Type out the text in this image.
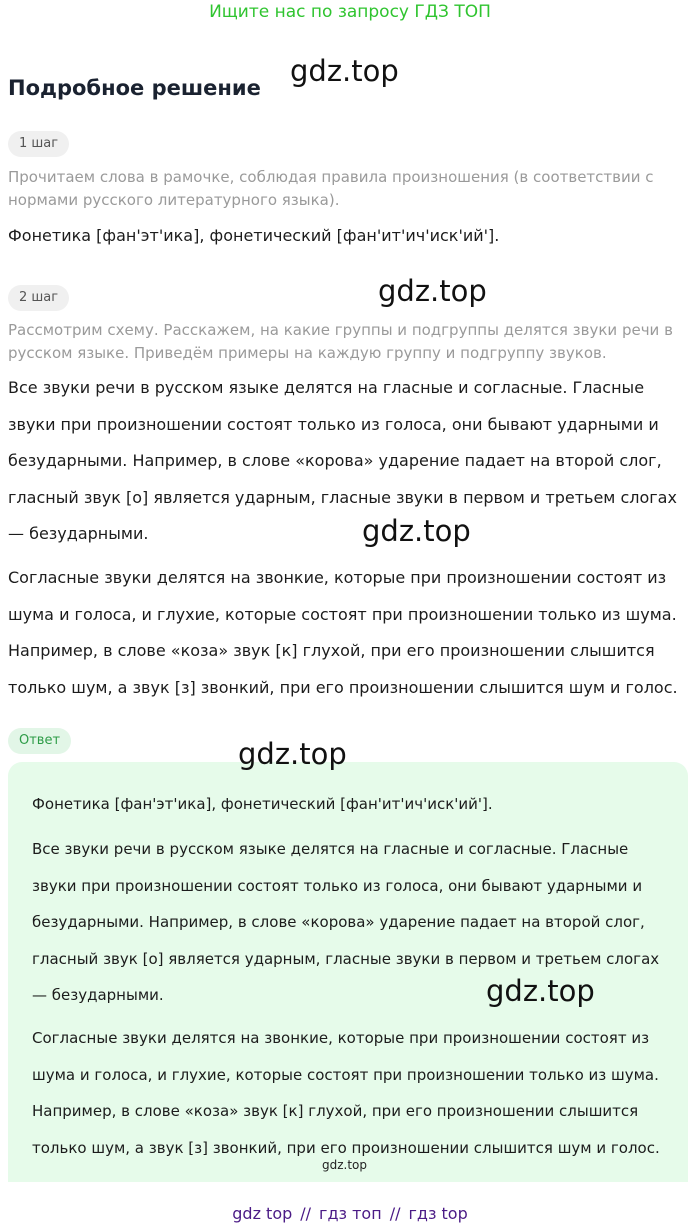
Ищите нас по запросу ГДЗ ТОП
Подробное решение gdz.top
1 шаг
Прочитаем слова в рамочке, соблюдая правила произношения (в соответствии с нормами русского литературного языка).
Фонетика [фан'эт'ика], фонетический [фан'ит'ич'иск'ий'].
gdz.top
2 шаг
Рассмотрим схему. Расскажем, на какие группы и подгруппы делятся звуки речи в русском языке. Приведём примеры на каждую группу и подгруппу звуков.
Все звуки речи в русском языке делятся на гласные и согласные. Гласные звуки при произношении состоят только из голоса, они бывают ударными и безударными. Например, в слове «корова» ударение падает на второй слог, гласный звук [о] является ударным, гласные звуки в первом и третьем слогах — безударными.	gdz.top
Согласные звуки делятся на звонкие, которые при произношении состоят из шума и голоса, и глухие, которые состоят при произношении только из шума. Например, в слове «коза» звук [к] глухой, при его произношении слышится только шум, а звук [з] звонкий, при его произношении слышится шум и голос.
Ответ	gdz.top
Фонетика [фан'эт'ика], фонетический [фан'ит'ич'иск'ий'].
Все звуки речи в русском языке делятся на гласные и согласные. Гласные звуки при произношении состоят только из голоса, они бывают ударными и безударными. Например, в слове «корова» ударение падает на второй слог, гласный звук [о] является ударным, гласные звуки в первом и третьем слогах — безударными.	gdz.top
Согласные звуки делятся на звонкие, которые при произношении состоят из шума и голоса, и глухие, которые состоят при произношении только из шума. Например, в слове «коза» звук [к] глухой, при его произношении слышится только шум, а звук [з] звонкий, при его произношении слышится шум и голос.
gdz.top
gdz top // гдз топ // гдз top
